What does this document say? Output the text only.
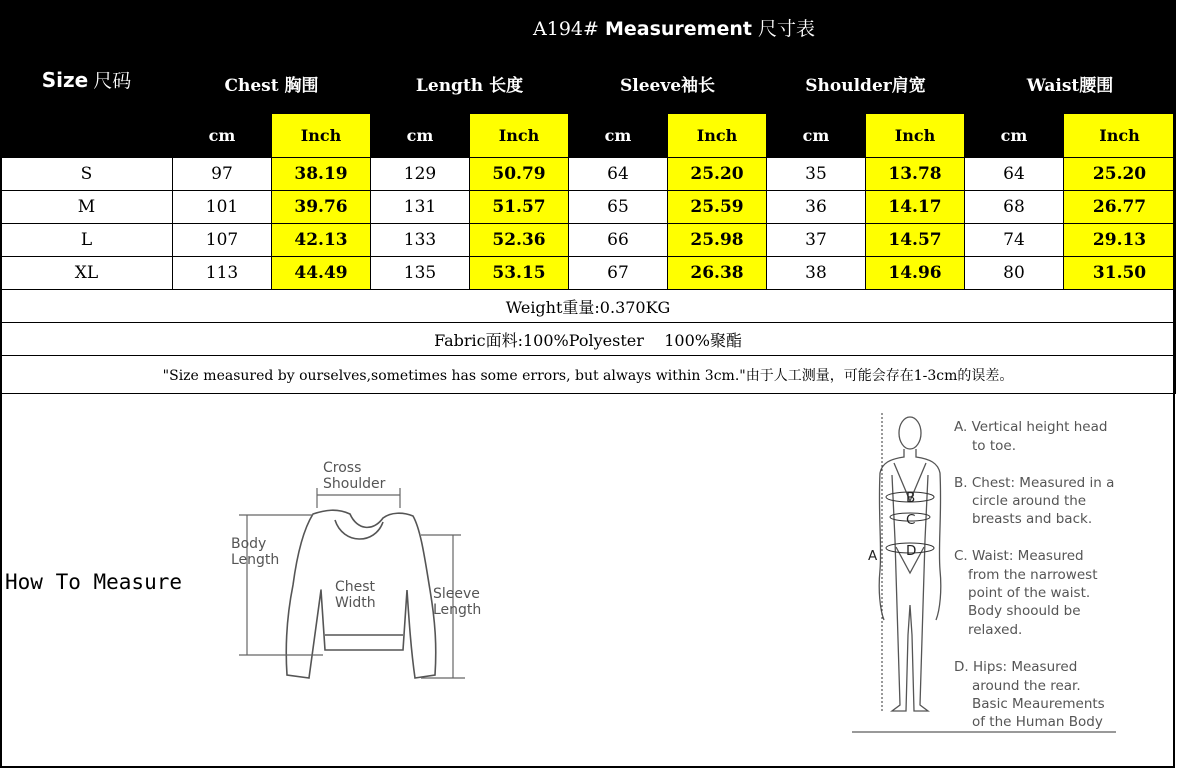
Size 尺码	A194# Measurement 尺寸表									
	Chest 胸围		Length 长度		Sleeve袖长		Shoulder肩宽		Waist腰围	
	cm	Inch	cm	Inch	cm	Inch	cm	Inch	cm	Inch
S	97	38.19	129	50.79	64	25.20	35	13.78	64	25.20
M	101	39.76	131	51.57	65	25.59	36	14.17	68	26.77
L	107	42.13	133	52.36	66	25.98	37	14.57	74	29.13
XL	113	44.49	135	53.15	67	26.38	38	14.96	80	31.50
Weight重量:0.370KG										
Fabric面料:100%Polyester    100%聚酯										
"Size measured by ourselves,sometimes has some errors, but always within 3cm."由于人工测量，可能会存在1-3cm的误差。										
How To Measure
Cross
Shoulder
Body
Length
Chest
Width
Sleeve
Length
A
B
C
D
A. Vertical height head
to toe.
B. Chest: Measured in a
circle around the
breasts and back.
C. Waist: Measured
from the narrowest
point of the waist.
Body shoould be
relaxed.
D. Hips: Measured
around the rear.
Basic Meaurements
of the Human Body
